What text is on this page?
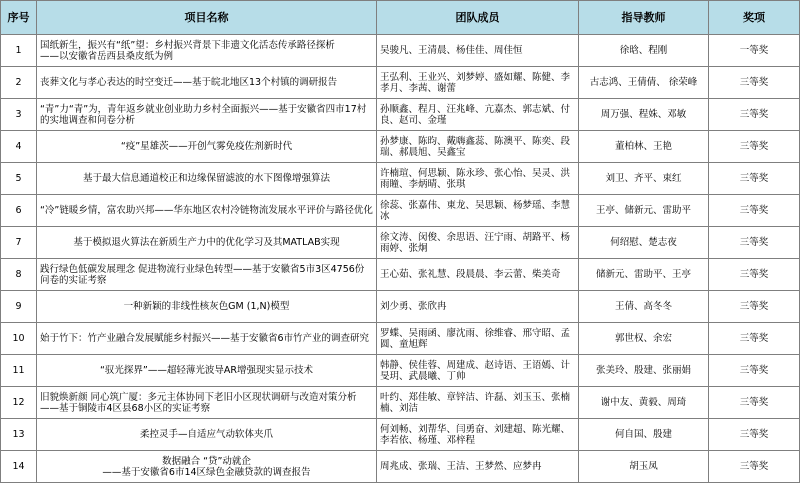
序号	项目名称	团队成员	指导教师	奖项
1	国纸新生，振兴有“纸”望：乡村振兴背景下非遗文化活态传承路径探析
——以安徽省岳西县桑皮纸为例	吴骏凡、王清晨、杨佳佳、周佳恒	徐晗、程刚	一等奖
2	丧葬文化与孝心表达的时空变迁——基于皖北地区13个村镇的调研报告	王弘利、王业兴、刘梦婷、盛如耀、陈健、李孝月、李茜、谢蕾	古志鸿、王倩倩、 徐荣峰	三等奖
3	“青”力“青”为，青年返乡就业创业助力乡村全面振兴——基于安徽省四市17村的实地调查和问卷分析	孙顺鑫、程月、汪兆峰、亢嘉杰、郭志斌、付良、赵司、金瑾	周万强、程姝、邓敏	三等奖
4	“疫”星雄茨——开创气雾免疫佐剂新时代	孙梦康、陈昀、戴嗨鑫蕊、陈澳平、陈奕、段瑞、郝晨旭、吴鑫宝	董柏林、王艳	三等奖
5	基于最大信息通道校正和边缘保留滤波的水下图像增强算法	许楠瑄、何思颖、陈永珍、张心怡、吴灵、洪雨瞳、李炳晴、张琪	刘卫、齐平、束红	三等奖
6	“冷”链暖乡情，富农助兴邦——华东地区农村冷链物流发展水平评价与路径优化	徐蕊、张嘉伟、東龙、吴思颖、杨梦瑶、李慧冰	王亭、储新元、雷助平	三等奖
7	基于模拟退火算法在新质生产力中的优化学习及其MATLAB实现	徐文涛、闵俊、余思语、汪宁雨、胡路平、杨雨婷、张炯	何绍慰、楚志夜	三等奖
8	践行绿色低碳发展理念 促进物流行业绿色转型——基于安徽省5市3区4756份问卷的实证考察	王心茹、张礼慧、段晨晨、李云蕾、柴美奇	储新元、雷助平、王亭	三等奖
9	一种新颖的非线性核灰色GM (1,N)模型	刘少勇、张欣冉	王倩、高冬冬	三等奖
10	始于竹下：竹产业融合发展赋能乡村振兴——基于安徽省6市竹产业的调查研究	罗蝶、吴雨函、廖沈雨、徐维睿、邢守昭、孟圆、童旭辉	郭世权、余宏	三等奖
11	“驭光探界”——超轻薄光波导AR增强现实显示技术	韩静、侯佳蓉、周建成、赵诗语、王语嫣、计旻玥、武晨曦、丁帅	张美玲、殷建、张丽娟	三等奖
12	旧貌焕新颜 同心筑广厦：多元主体协同下老旧小区现状调研与改造对策分析——基于铜陵市4区县68小区的实证考察	叶约、郑佳敏、章锌洁、许磊、刘玉玉、张楠楠、刘洁	谢中友、黄毅、周琦	三等奖
13	柔控灵手—自适应气动软体夹爪	何刘畅、刘帮华、闫勇奋、刘建超、陈光耀、李若依、杨瑾、邓梓程	何自国、殷建	三等奖
14	数据融合 “贷”动就企
——基于安徽省6市14区绿色金融贷款的调查报告	周兆成、张瑞、王洁、王梦然、应梦冉	胡玉凤	三等奖
